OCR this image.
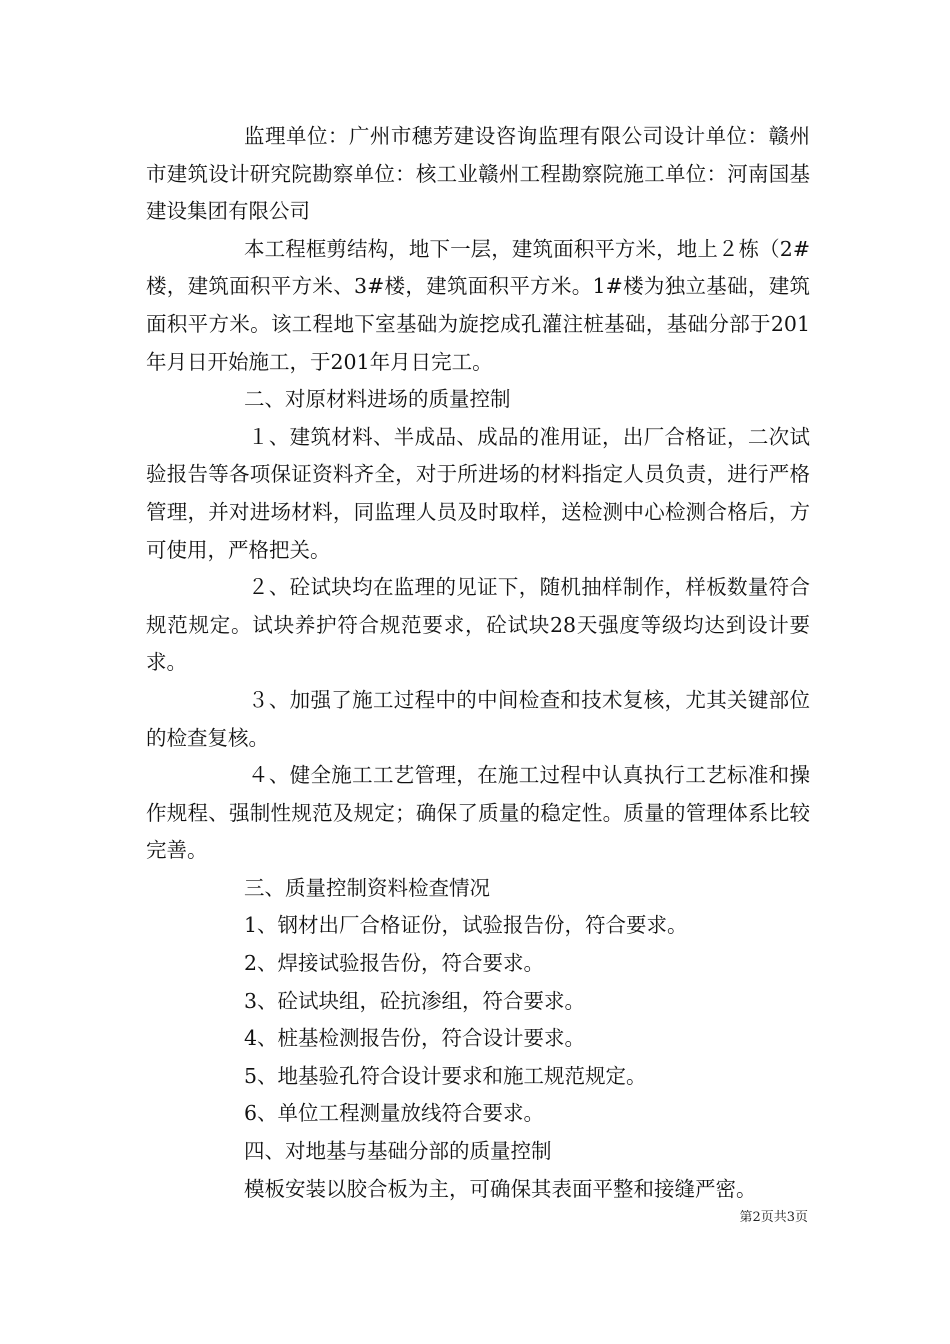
监理单位：广州市穗芳建设咨询监理有限公司设计单位：赣州市建筑设计研究院勘察单位：核工业赣州工程勘察院施工单位：河南国基建设集团有限公司

本工程框剪结构，地下一层，建筑面积平方米，地上２栋（2#楼，建筑面积平方米、3#楼，建筑面积平方米。1#楼为独立基础，建筑面积平方米。该工程地下室基础为旋挖成孔灌注桩基础，基础分部于201年月日开始施工，于201年月日完工。

二、对原材料进场的质量控制

１、建筑材料、半成品、成品的准用证，出厂合格证，二次试验报告等各项保证资料齐全，对于所进场的材料指定人员负责，进行严格管理，并对进场材料，同监理人员及时取样，送检测中心检测合格后，方可使用，严格把关。

２、砼试块均在监理的见证下，随机抽样制作，样板数量符合规范规定。试块养护符合规范要求，砼试块28天强度等级均达到设计要求。

３、加强了施工过程中的中间检查和技术复核，尤其关键部位的检查复核。

４、健全施工工艺管理，在施工过程中认真执行工艺标准和操作规程、强制性规范及规定；确保了质量的稳定性。质量的管理体系比较完善。

三、质量控制资料检查情况

1、钢材出厂合格证份，试验报告份，符合要求。

2、焊接试验报告份，符合要求。

3、砼试块组，砼抗渗组，符合要求。

4、桩基检测报告份，符合设计要求。

5、地基验孔符合设计要求和施工规范规定。

6、单位工程测量放线符合要求。

四、对地基与基础分部的质量控制

模板安装以胶合板为主，可确保其表面平整和接缝严密。

第2页共3页
